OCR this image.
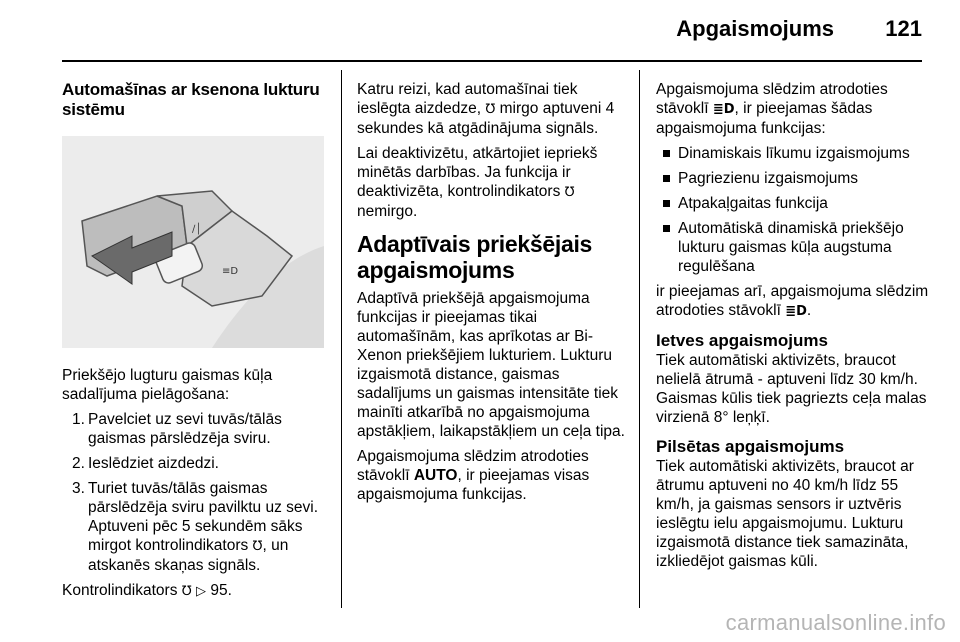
Apgaismojums 121
Automašīnas ar ksenona lukturu sistēmu
∕│
≡D

Priekšējo lugturu gaismas kūļa sadalījuma pielāgošana:

1. Pavelciet uz sevi tuvās/tālās gaismas pārslēdzēja sviru.
2. Ieslēdziet aizdedzi.
3. Turiet tuvās/tālās gaismas pārslēdzēja sviru pavilktu uz sevi. Aptuveni pēc 5 sekundēm sāks mirgot kontrolindikators ℧, un atskanēs skaņas signāls.

Kontrolindikators ℧ ▷ 95.

Katru reizi, kad automašīnai tiek ieslēgta aizdedze, ℧ mirgo aptuveni 4 sekundes kā atgādinājuma signāls.

Lai deaktivizētu, atkārtojiet iepriekš minētās darbības. Ja funkcija ir deaktivizēta, kontrolindikators ℧ nemirgo.

Adaptīvais priekšējais apgaismojums

Adaptīvā priekšējā apgaismojuma funkcijas ir pieejamas tikai automašīnām, kas aprīkotas ar Bi-Xenon priekšējiem lukturiem. Lukturu izgaismotā distance, gaismas sadalījums un gaismas intensitāte tiek mainīti atkarībā no apgaismojuma apstākļiem, laikapstākļiem un ceļa tipa.

Apgaismojuma slēdzim atrodoties stāvoklī AUTO, ir pieejamas visas apgaismojuma funkcijas.

Apgaismojuma slēdzim atrodoties stāvoklī ≣D, ir pieejamas šādas apgaismojuma funkcijas:

Dinamiskais līkumu izgaismojums
Pagriezienu izgaismojums
Atpakaļgaitas funkcija
Automātiskā dinamiskā priekšējo lukturu gaismas kūļa augstuma regulēšana

ir pieejamas arī, apgaismojuma slēdzim atrodoties stāvoklī ≣D.

Ietves apgaismojums

Tiek automātiski aktivizēts, braucot nelielā ātrumā - aptuveni līdz 30 km/h. Gaismas kūlis tiek pagriezts ceļa malas virzienā 8° leņķī.

Pilsētas apgaismojums

Tiek automātiski aktivizēts, braucot ar ātrumu aptuveni no 40 km/h līdz 55 km/h, ja gaismas sensors ir uztvēris ieslēgtu ielu apgaismojumu. Lukturu izgaismotā distance tiek samazināta, izkliedējot gaismas kūli.

carmanualsonline.info
